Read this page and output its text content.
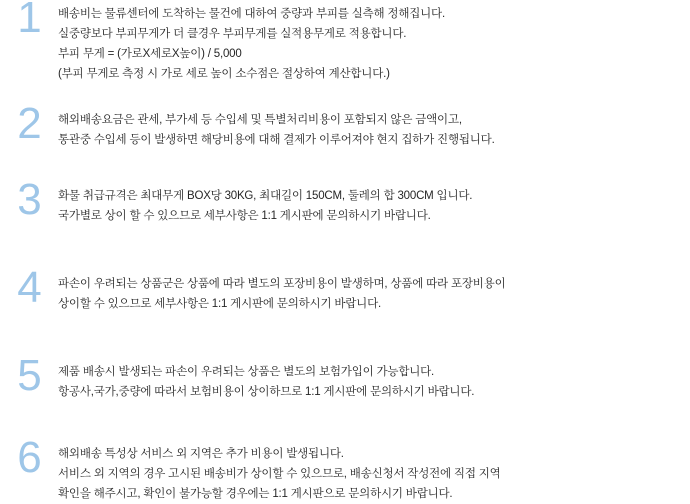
1	배송비는 물류센터에 도착하는 물건에 대하여 중량과 부피를 실측해 정해집니다.
실중량보다 부피무게가 더 클경우 부피무게를 실적용무게로 적용합니다.
부피 무게 = (가로X세로X높이) / 5,000
(부피 무게로 측정 시 가로 세로 높이 소수점은 절상하여 계산합니다.)
2	해외배송요금은 관세, 부가세 등 수입세 및 특별처리비용이 포함되지 않은 금액이고,
통관중 수입세 등이 발생하면 해당비용에 대해 결제가 이루어져야 현지 집하가 진행됩니다.
3	화물 취급규격은 최대무게 BOX당 30KG, 최대길이 150CM, 둘레의 합 300CM 입니다.
국가별로 상이 할 수 있으므로 세부사항은 1:1 게시판에 문의하시기 바랍니다.
4	파손이 우려되는 상품군은 상품에 따라 별도의 포장비용이 발생하며, 상품에 따라 포장비용이
상이할 수 있으므로 세부사항은 1:1 게시판에 문의하시기 바랍니다.
5	제품 배송시 발생되는 파손이 우려되는 상품은 별도의 보험가입이 가능합니다.
항공사,국가,중량에 따라서 보험비용이 상이하므로 1:1 게시판에 문의하시기 바랍니다.
6	해외배송 특성상 서비스 외 지역은 추가 비용이 발생됩니다.
서비스 외 지역의 경우 고시된 배송비가 상이할 수 있으므로, 배송신청서 작성전에 직접 지역
확인을 해주시고, 확인이 불가능할 경우에는 1:1 게시판으로 문의하시기 바랍니다.
